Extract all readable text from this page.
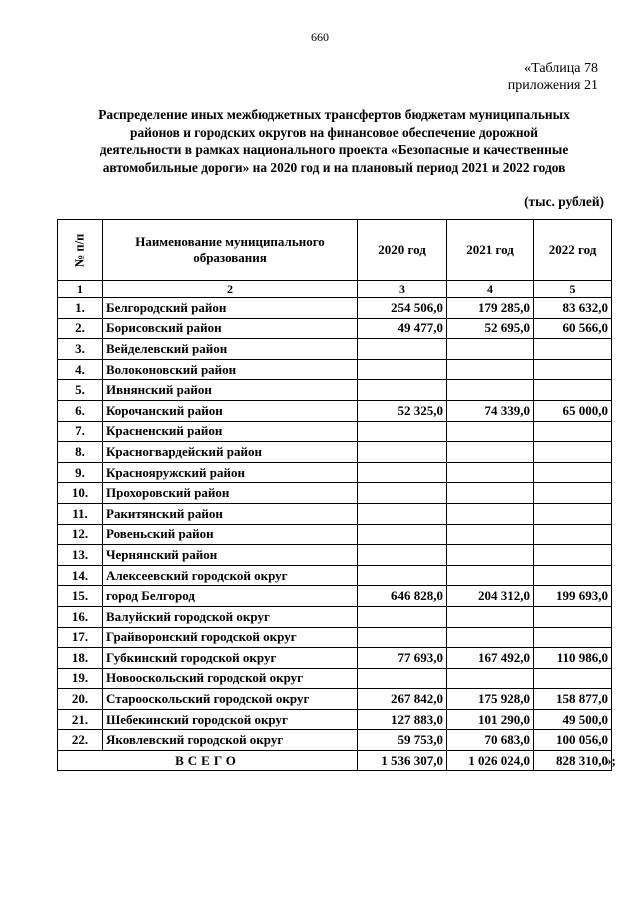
660
«Таблица 78
приложения 21
Распределение иных межбюджетных трансфертов бюджетам муниципальных
районов и городских округов на финансовое обеспечение дорожной
деятельности в рамках национального проекта «Безопасные и качественные
автомобильные дороги» на 2020 год и на плановый период 2021 и 2022 годов
(тыс. рублей)
№ п/п	Наименование муниципального
образования	2020 год	2021 год	2022 год
1	2	3	4	5
1.	Белгородский район	254 506,0	179 285,0	83 632,0
2.	Борисовский район	49 477,0	52 695,0	60 566,0
3.	Вейделевский район			
4.	Волоконовский район			
5.	Ивнянский район			
6.	Корочанский район	52 325,0	74 339,0	65 000,0
7.	Красненский район			
8.	Красногвардейский район			
9.	Краснояружский район			
10.	Прохоровский район			
11.	Ракитянский район			
12.	Ровеньский район			
13.	Чернянский район			
14.	Алексеевский городской округ			
15.	город Белгород	646 828,0	204 312,0	199 693,0
16.	Валуйский городской округ			
17.	Грайворонский городской округ			
18.	Губкинский городской округ	77 693,0	167 492,0	110 986,0
19.	Новооскольский городской округ			
20.	Старооскольский городской округ	267 842,0	175 928,0	158 877,0
21.	Шебекинский городской округ	127 883,0	101 290,0	49 500,0
22.	Яковлевский городской округ	59 753,0	70 683,0	100 056,0
ВСЕГО		1 536 307,0	1 026 024,0	828 310,0
»;
